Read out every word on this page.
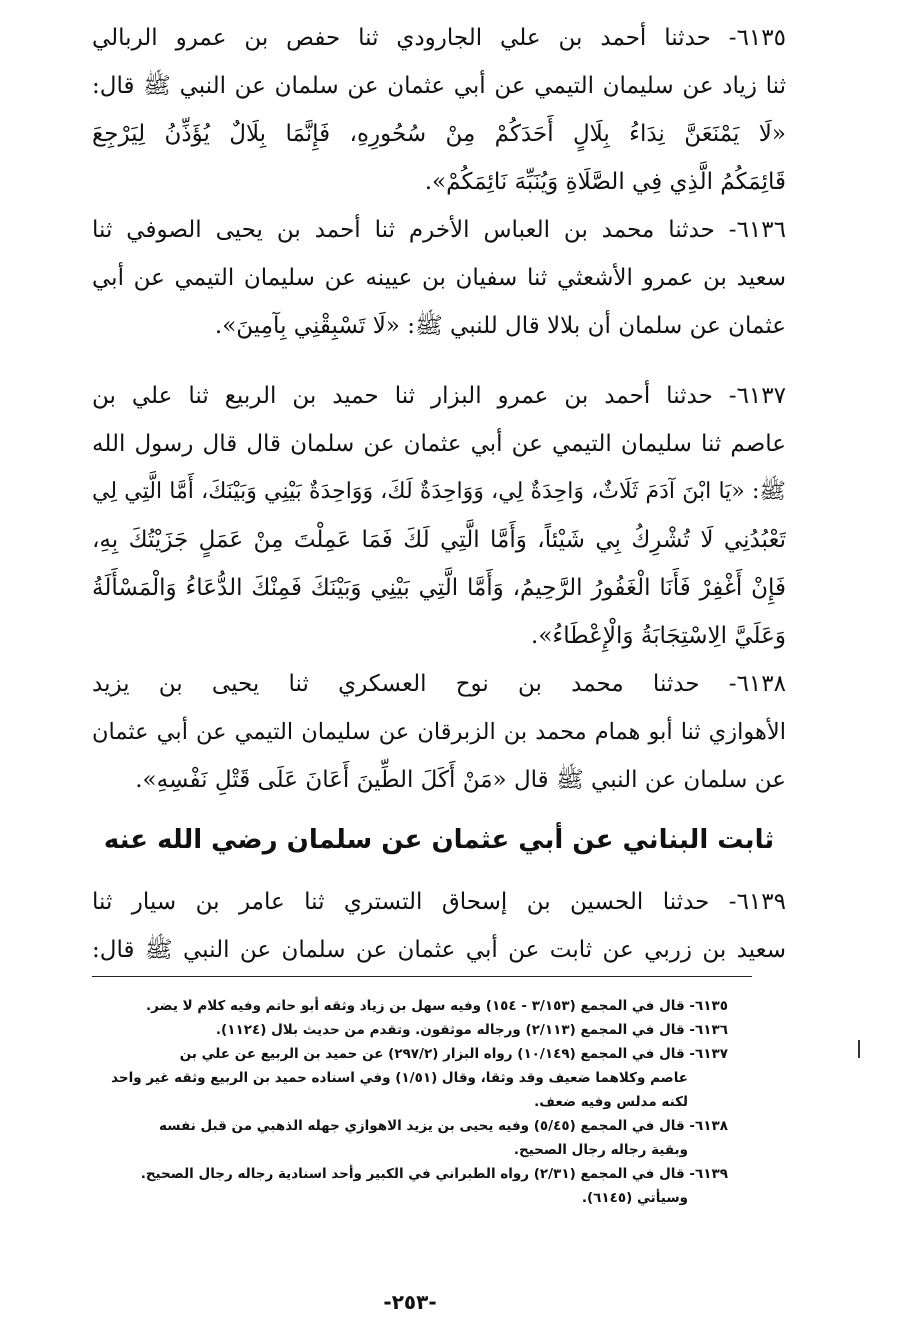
٦١٣٥- حدثنا أحمد بن علي الجارودي ثنا حفص بن عمرو الربالي
ثنا زياد عن سليمان التيمي عن أبي عثمان عن سلمان عن النبي ﷺ قال:
«لَا يَمْنَعَنَّ نِدَاءُ بِلَالٍ أَحَدَكُمْ مِنْ سُحُورِهِ، فَإِنَّمَا بِلَالٌ يُؤَذِّنُ لِيَرْجِعَ
قَائِمَكُمُ الَّذِي فِي الصَّلَاةِ وَيُنَبِّهَ نَائِمَكُمْ».
٦١٣٦- حدثنا محمد بن العباس الأخرم ثنا أحمد بن يحيى الصوفي ثنا
سعيد بن عمرو الأشعثي ثنا سفيان بن عيينه عن سليمان التيمي عن أبي
عثمان عن سلمان أن بلالا قال للنبي ﷺ: «لَا تَسْبِقْنِي بِآمِينَ».
٦١٣٧- حدثنا أحمد بن عمرو البزار ثنا حميد بن الربيع ثنا علي بن
عاصم ثنا سليمان التيمي عن أبي عثمان عن سلمان قال قال رسول الله
ﷺ: «يَا ابْنَ آدَمَ ثَلَاثٌ، وَاحِدَةٌ لِي، وَوَاحِدَةٌ لَكَ، وَوَاحِدَةٌ بَيْنِي وَبَيْنَكَ، أَمَّا الَّتِي لِي
تَعْبُدُنِي لَا تُشْرِكُ بِي شَيْئاً، وَأَمَّا الَّتِي لَكَ فَمَا عَمِلْتَ مِنْ عَمَلٍ جَزَيْتُكَ بِهِ،
فَإِنْ أَغْفِرْ فَأَنَا الْغَفُورُ الرَّحِيمُ، وَأَمَّا الَّتِي بَيْنِي وَبَيْنَكَ فَمِنْكَ الدُّعَاءُ وَالْمَسْأَلَةُ
وَعَلَيَّ الِاسْتِجَابَةُ وَالْإِعْطَاءُ».
٦١٣٨- حدثنا محمد بن نوح العسكري ثنا يحيى بن يزيد
الأهوازي ثنا أبو همام محمد بن الزبرقان عن سليمان التيمي عن أبي عثمان
عن سلمان عن النبي ﷺ قال «مَنْ أَكَلَ الطِّينَ أَعَانَ عَلَى قَتْلِ نَفْسِهِ».
ثابت البناني عن أبي عثمان عن سلمان رضي الله عنه
٦١٣٩- حدثنا الحسين بن إسحاق التستري ثنا عامر بن سيار ثنا
سعيد بن زربي عن ثابت عن أبي عثمان عن سلمان عن النبي ﷺ قال:
٦١٣٥- قال في المجمع (٣/١٥٣ - ١٥٤) وفيه سهل بن زياد وثقه أبو حاتم وفيه كلام لا يضر.
٦١٣٦- قال في المجمع (٢/١١٣) ورجاله موثقون. وتقدم من حديث بلال (١١٢٤).
٦١٣٧- قال في المجمع (١٠/١٤٩) رواه البزار (٢٩٧/٢) عن حميد بن الربيع عن علي بن
عاصم وكلاهما ضعيف وقد وثقا، وقال (١/٥١) وفي اسناده حميد بن الربيع وثقه غير واحد
لكنه مدلس وفيه ضعف.
٦١٣٨- قال في المجمع (٥/٤٥) وفيه يحيى بن يزيد الاهوازي جهله الذهبي من قبل نفسه
وبقية رجاله رجال الصحيح.
٦١٣٩- قال في المجمع (٢/٣١) رواه الطبراني في الكبير وأحد اسنادية رجاله رجال الصحيح.
وسيأتي (٦١٤٥).
-٢٥٣-
